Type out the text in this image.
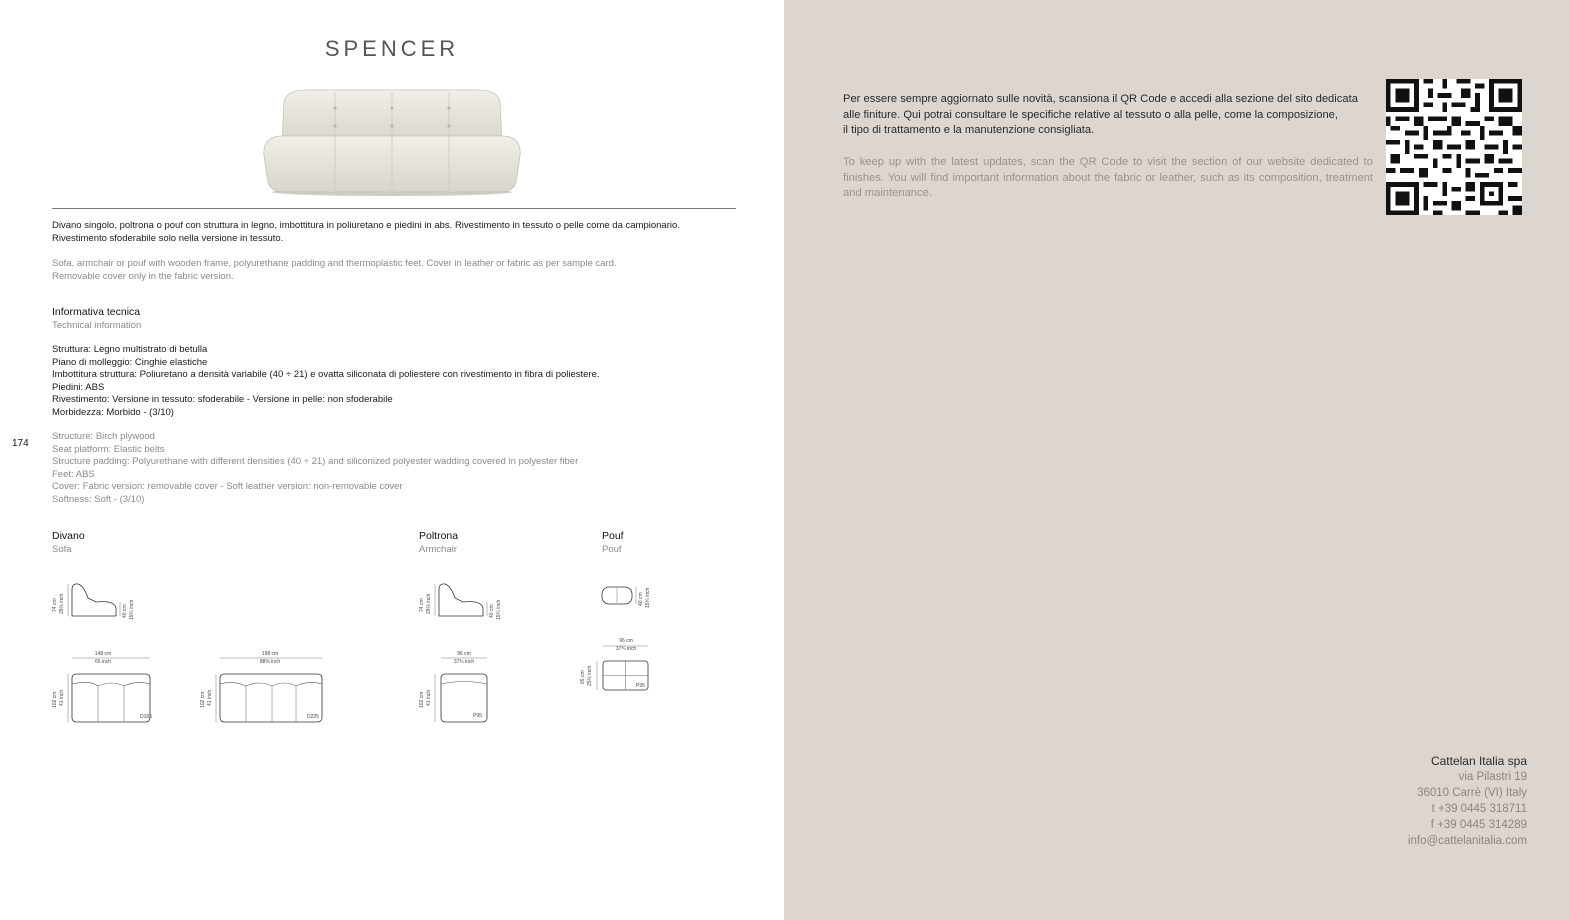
SPENCER
Divano singolo, poltrona o pouf con struttura in legno, imbottitura in poliuretano e piedini in abs. Rivestimento in tessuto o pelle come da campionario.
Rivestimento sfoderabile solo nella versione in tessuto.
Sofa, armchair or pouf with wooden frame, polyurethane padding and thermoplastic feet. Cover in leather or fabric as per sample card.
Removable cover only in the fabric version.
Informativa tecnica
Technical information
Struttura: Legno multistrato di betulla
Piano di molleggio: Cinghie elastiche
Imbottitura struttura: Poliuretano a densità variabile (40 ÷ 21) e ovatta siliconata di poliestere con rivestimento in fibra di poliestere.
Piedini: ABS
Rivestimento: Versione in tessuto: sfoderabile - Versione in pelle: non sfoderabile
Morbidezza: Morbido - (3/10)
174
Structure: Birch plywood
Seat platform: Elastic belts
Structure padding: Polyurethane with different densities (40 ÷ 21) and siliconized polyester wadding covered in polyester fiber
Feet: ABS
Cover: Fabric version: removable cover - Soft leather version: non-removable cover
Softness: Soft - (3/10)
Divano
Sofa
Poltrona
Armchair
Pouf
Pouf
74 cm 29⅛ inch	40 cm 15¾ inch	74 cm 29⅛ inch	40 cm 15¾ inch
40 cm 15¾ inch
148 cm
65 inch
102 cm 41 inch
D165
198 cm
88⅝ inch
102 cm 41 inch
D225
96 cm
37¾ inch
102 cm 41 inch
P95
96 cm
37¾ inch
65 cm 25½ inch	P95
Per essere sempre aggiornato sulle novità, scansiona il QR Code e accedi alla sezione del sito dedicata
alle finiture. Qui potrai consultare le specifiche relative al tessuto o alla pelle, come la composizione,
il tipo di trattamento e la manutenzione consigliata.
To keep up with the latest updates, scan the QR Code to visit the section of our website dedicated to finishes. You will find important information about the fabric or leather, such as its composition, treatment and maintenance.
Cattelan Italia spa
via Pilastri 19
36010 Carrè (VI) Italy
t +39 0445 318711
f +39 0445 314289
info@cattelanitalia.com
